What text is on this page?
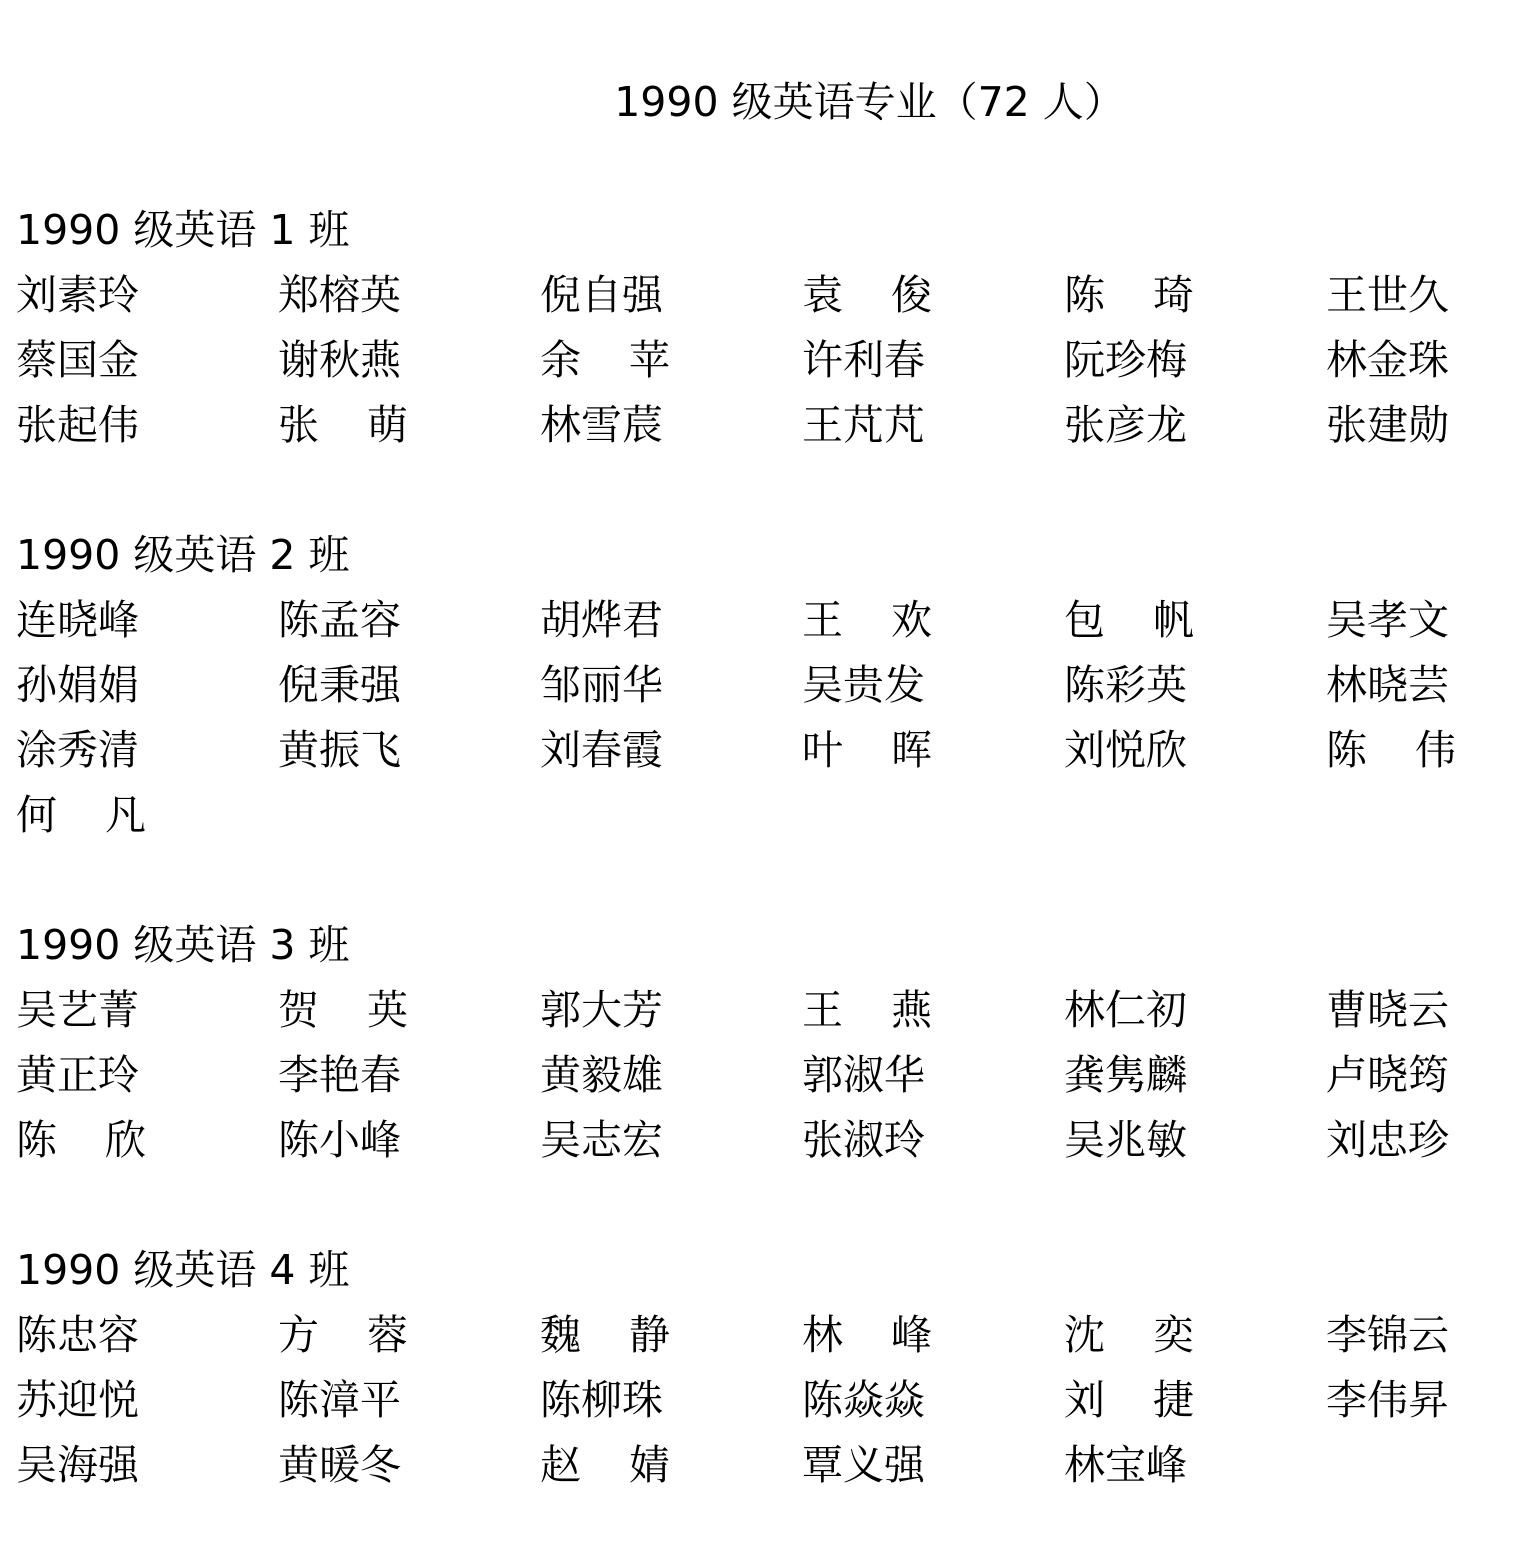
1990 级英语专业（72 人）
1990 级英语 1 班
刘素玲	郑榕英	倪自强	袁 俊	陈 琦	王世久
蔡国金	谢秋燕	余 苹	许利春	阮珍梅	林金珠
张起伟	张 萌	林雪莀	王芃芃	张彦龙	张建勋
1990 级英语 2 班
连晓峰	陈孟容	胡烨君	王 欢	包 帆	吴孝文
孙娟娟	倪秉强	邹丽华	吴贵发	陈彩英	林晓芸
涂秀清	黄振飞	刘春霞	叶 晖	刘悦欣	陈 伟
何 凡
1990 级英语 3 班
吴艺菁	贺 英	郭大芳	王 燕	林仁初	曹晓云
黄正玲	李艳春	黄毅雄	郭淑华	龚隽麟	卢晓筠
陈 欣	陈小峰	吴志宏	张淑玲	吴兆敏	刘忠珍
1990 级英语 4 班
陈忠容	方 蓉	魏 静	林 峰	沈 奕	李锦云
苏迎悦	陈漳平	陈柳珠	陈焱焱	刘 捷	李伟昇
吴海强	黄暖冬	赵 婧	覃义强	林宝峰
